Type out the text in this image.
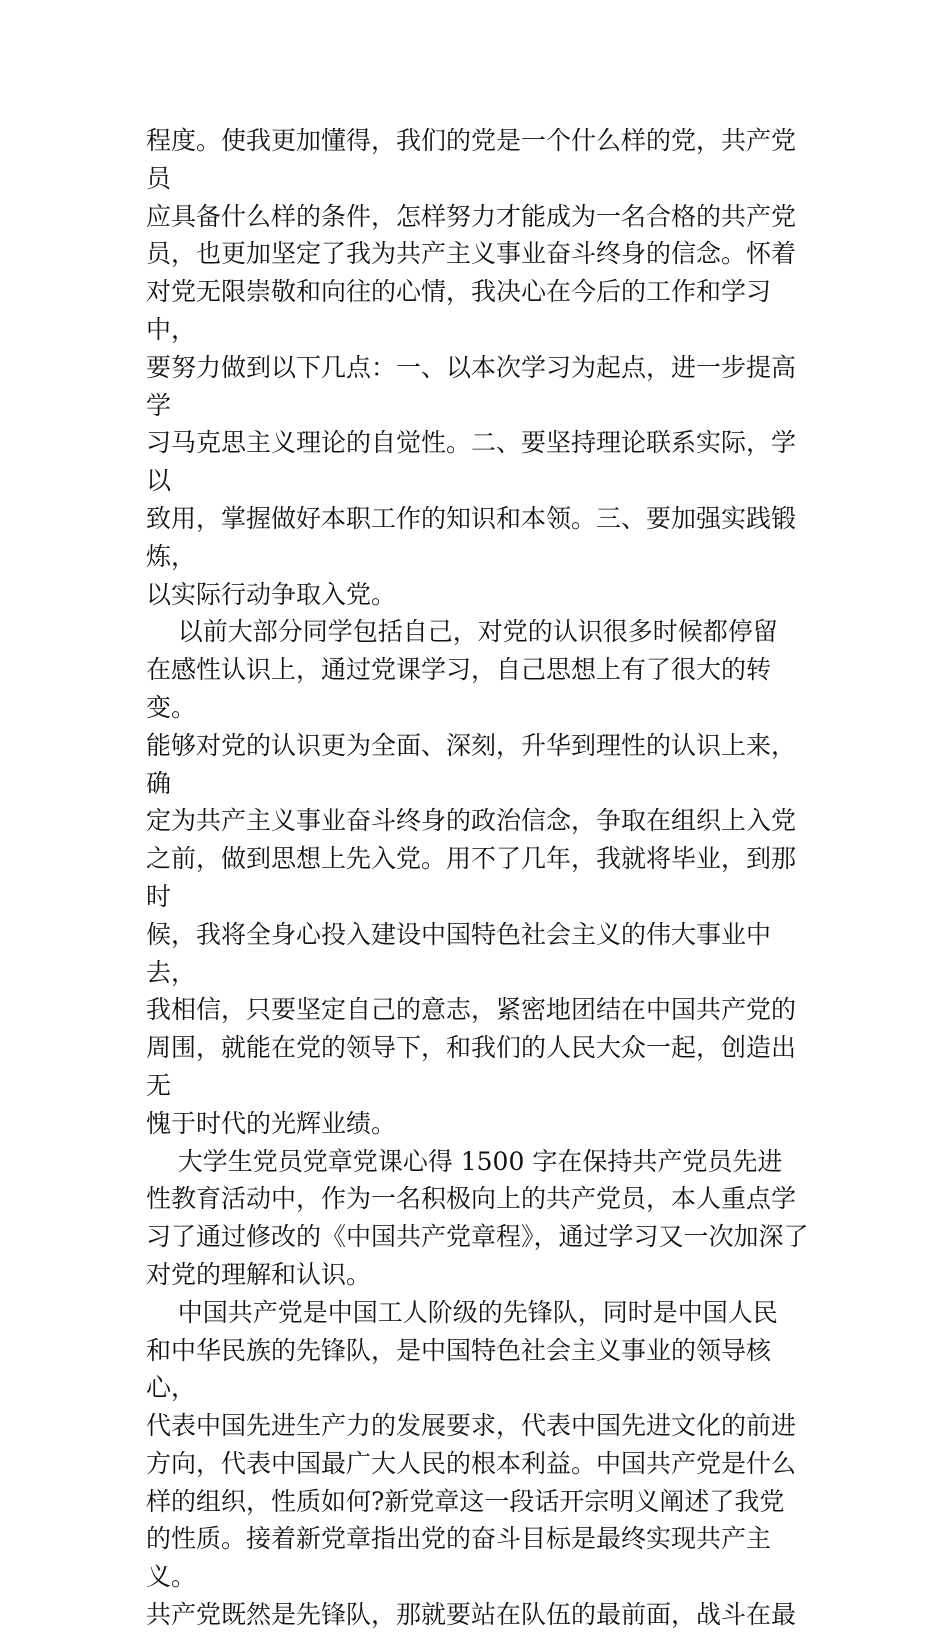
程度。使我更加懂得，我们的党是一个什么样的党，共产党员
应具备什么样的条件，怎样努力才能成为一名合格的共产党
员，也更加坚定了我为共产主义事业奋斗终身的信念。怀着
对党无限崇敬和向往的心情，我决心在今后的工作和学习中，
要努力做到以下几点：一、以本次学习为起点，进一步提高学
习马克思主义理论的自觉性。二、要坚持理论联系实际，学以
致用，掌握做好本职工作的知识和本领。三、要加强实践锻炼，
以实际行动争取入党。

以前大部分同学包括自己，对党的认识很多时候都停留
在感性认识上，通过党课学习，自己思想上有了很大的转变。
能够对党的认识更为全面、深刻，升华到理性的认识上来，确
定为共产主义事业奋斗终身的政治信念，争取在组织上入党
之前，做到思想上先入党。用不了几年，我就将毕业，到那时
候，我将全身心投入建设中国特色社会主义的伟大事业中去，
我相信，只要坚定自己的意志，紧密地团结在中国共产党的
周围，就能在党的领导下，和我们的人民大众一起，创造出无
愧于时代的光辉业绩。

大学生党员党章党课心得 1500 字在保持共产党员先进
性教育活动中，作为一名积极向上的共产党员，本人重点学
习了通过修改的《中国共产党章程》，通过学习又一次加深了
对党的理解和认识。

中国共产党是中国工人阶级的先锋队，同时是中国人民
和中华民族的先锋队，是中国特色社会主义事业的领导核心，
代表中国先进生产力的发展要求，代表中国先进文化的前进
方向，代表中国最广大人民的根本利益。中国共产党是什么
样的组织，性质如何?新党章这一段话开宗明义阐述了我党
的性质。接着新党章指出党的奋斗目标是最终实现共产主义。
共产党既然是先锋队，那就要站在队伍的最前面，战斗在最
